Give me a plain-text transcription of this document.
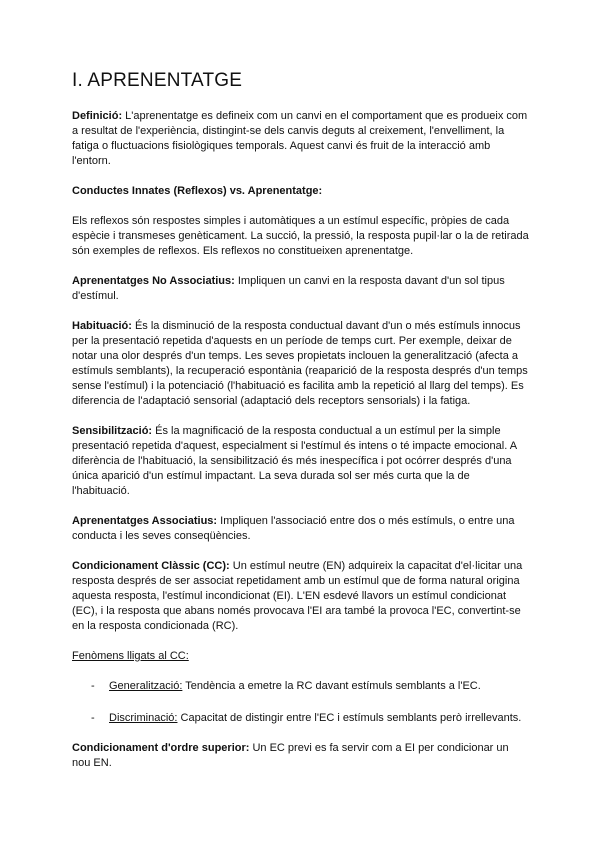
I. APRENENTATGE

Definició: L'aprenentatge es defineix com un canvi en el comportament que es produeix com a resultat de l'experiència, distingint-se dels canvis deguts al creixement, l'envelliment, la fatiga o fluctuacions fisiològiques temporals. Aquest canvi és fruit de la interacció amb l'entorn.

Conductes Innates (Reflexos) vs. Aprenentatge:

Els reflexos són respostes simples i automàtiques a un estímul específic, pròpies de cada espècie i transmeses genèticament. La succió, la pressió, la resposta pupil·lar o la de retirada són exemples de reflexos. Els reflexos no constitueixen aprenentatge.

Aprenentatges No Associatius: Impliquen un canvi en la resposta davant d'un sol tipus d'estímul.

Habituació: És la disminució de la resposta conductual davant d'un o més estímuls innocus per la presentació repetida d'aquests en un període de temps curt. Per exemple, deixar de notar una olor després d'un temps. Les seves propietats inclouen la generalització (afecta a estímuls semblants), la recuperació espontània (reaparició de la resposta després d'un temps sense l'estímul) i la potenciació (l'habituació es facilita amb la repetició al llarg del temps). Es diferencia de l'adaptació sensorial (adaptació dels receptors sensorials) i la fatiga.

Sensibilització: És la magnificació de la resposta conductual a un estímul per la simple presentació repetida d'aquest, especialment si l'estímul és intens o té impacte emocional. A diferència de l'habituació, la sensibilització és més inespecífica i pot ocórrer després d'una única aparició d'un estímul impactant. La seva durada sol ser més curta que la de l'habituació.

Aprenentatges Associatius: Impliquen l'associació entre dos o més estímuls, o entre una conducta i les seves conseqüències.

Condicionament Clàssic (CC): Un estímul neutre (EN) adquireix la capacitat d'el·licitar una resposta després de ser associat repetidament amb un estímul que de forma natural origina aquesta resposta, l'estímul incondicionat (EI). L'EN esdevé llavors un estímul condicionat (EC), i la resposta que abans només provocava l'EI ara també la provoca l'EC, convertint-se en la resposta condicionada (RC).

Fenòmens lligats al CC:

- Generalització: Tendència a emetre la RC davant estímuls semblants a l'EC.
- Discriminació: Capacitat de distingir entre l'EC i estímuls semblants però irrellevants.

Condicionament d'ordre superior: Un EC previ es fa servir com a EI per condicionar un nou EN.
